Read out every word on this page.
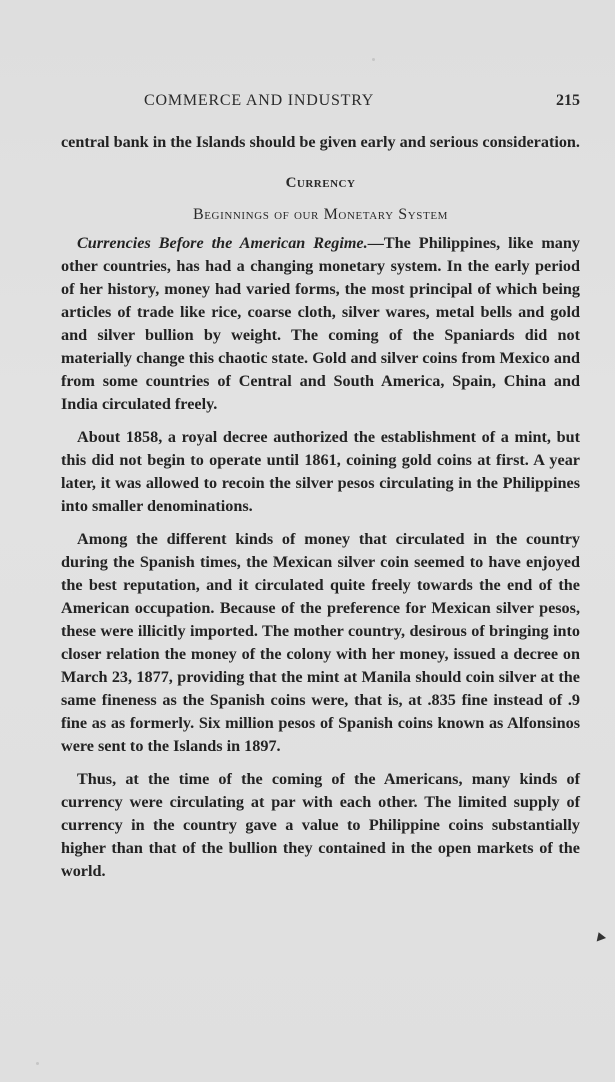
COMMERCE AND INDUSTRY	215

central bank in the Islands should be given early and serious consideration.

Currency

Beginnings of our Monetary System

Currencies Before the American Regime.—The Philippines, like many other countries, has had a changing monetary system. In the early period of her history, money had varied forms, the most principal of which being articles of trade like rice, coarse cloth, silver wares, metal bells and gold and silver bullion by weight. The coming of the Spaniards did not materially change this chaotic state. Gold and silver coins from Mexico and from some countries of Central and South America, Spain, China and India circulated freely.

About 1858, a royal decree authorized the establishment of a mint, but this did not begin to operate until 1861, coining gold coins at first. A year later, it was allowed to recoin the silver pesos circulating in the Philippines into smaller denominations.

Among the different kinds of money that circulated in the country during the Spanish times, the Mexican silver coin seemed to have enjoyed the best reputation, and it circulated quite freely towards the end of the American occupation. Because of the preference for Mexican silver pesos, these were illicitly imported. The mother country, desirous of bringing into closer relation the money of the colony with her money, issued a decree on March 23, 1877, providing that the mint at Manila should coin silver at the same fineness as the Spanish coins were, that is, at .835 fine instead of .9 fine as as formerly. Six million pesos of Spanish coins known as Alfonsinos were sent to the Islands in 1897.

Thus, at the time of the coming of the Americans, many kinds of currency were circulating at par with each other. The limited supply of currency in the country gave a value to Philippine coins substantially higher than that of the bullion they contained in the open markets of the world.
